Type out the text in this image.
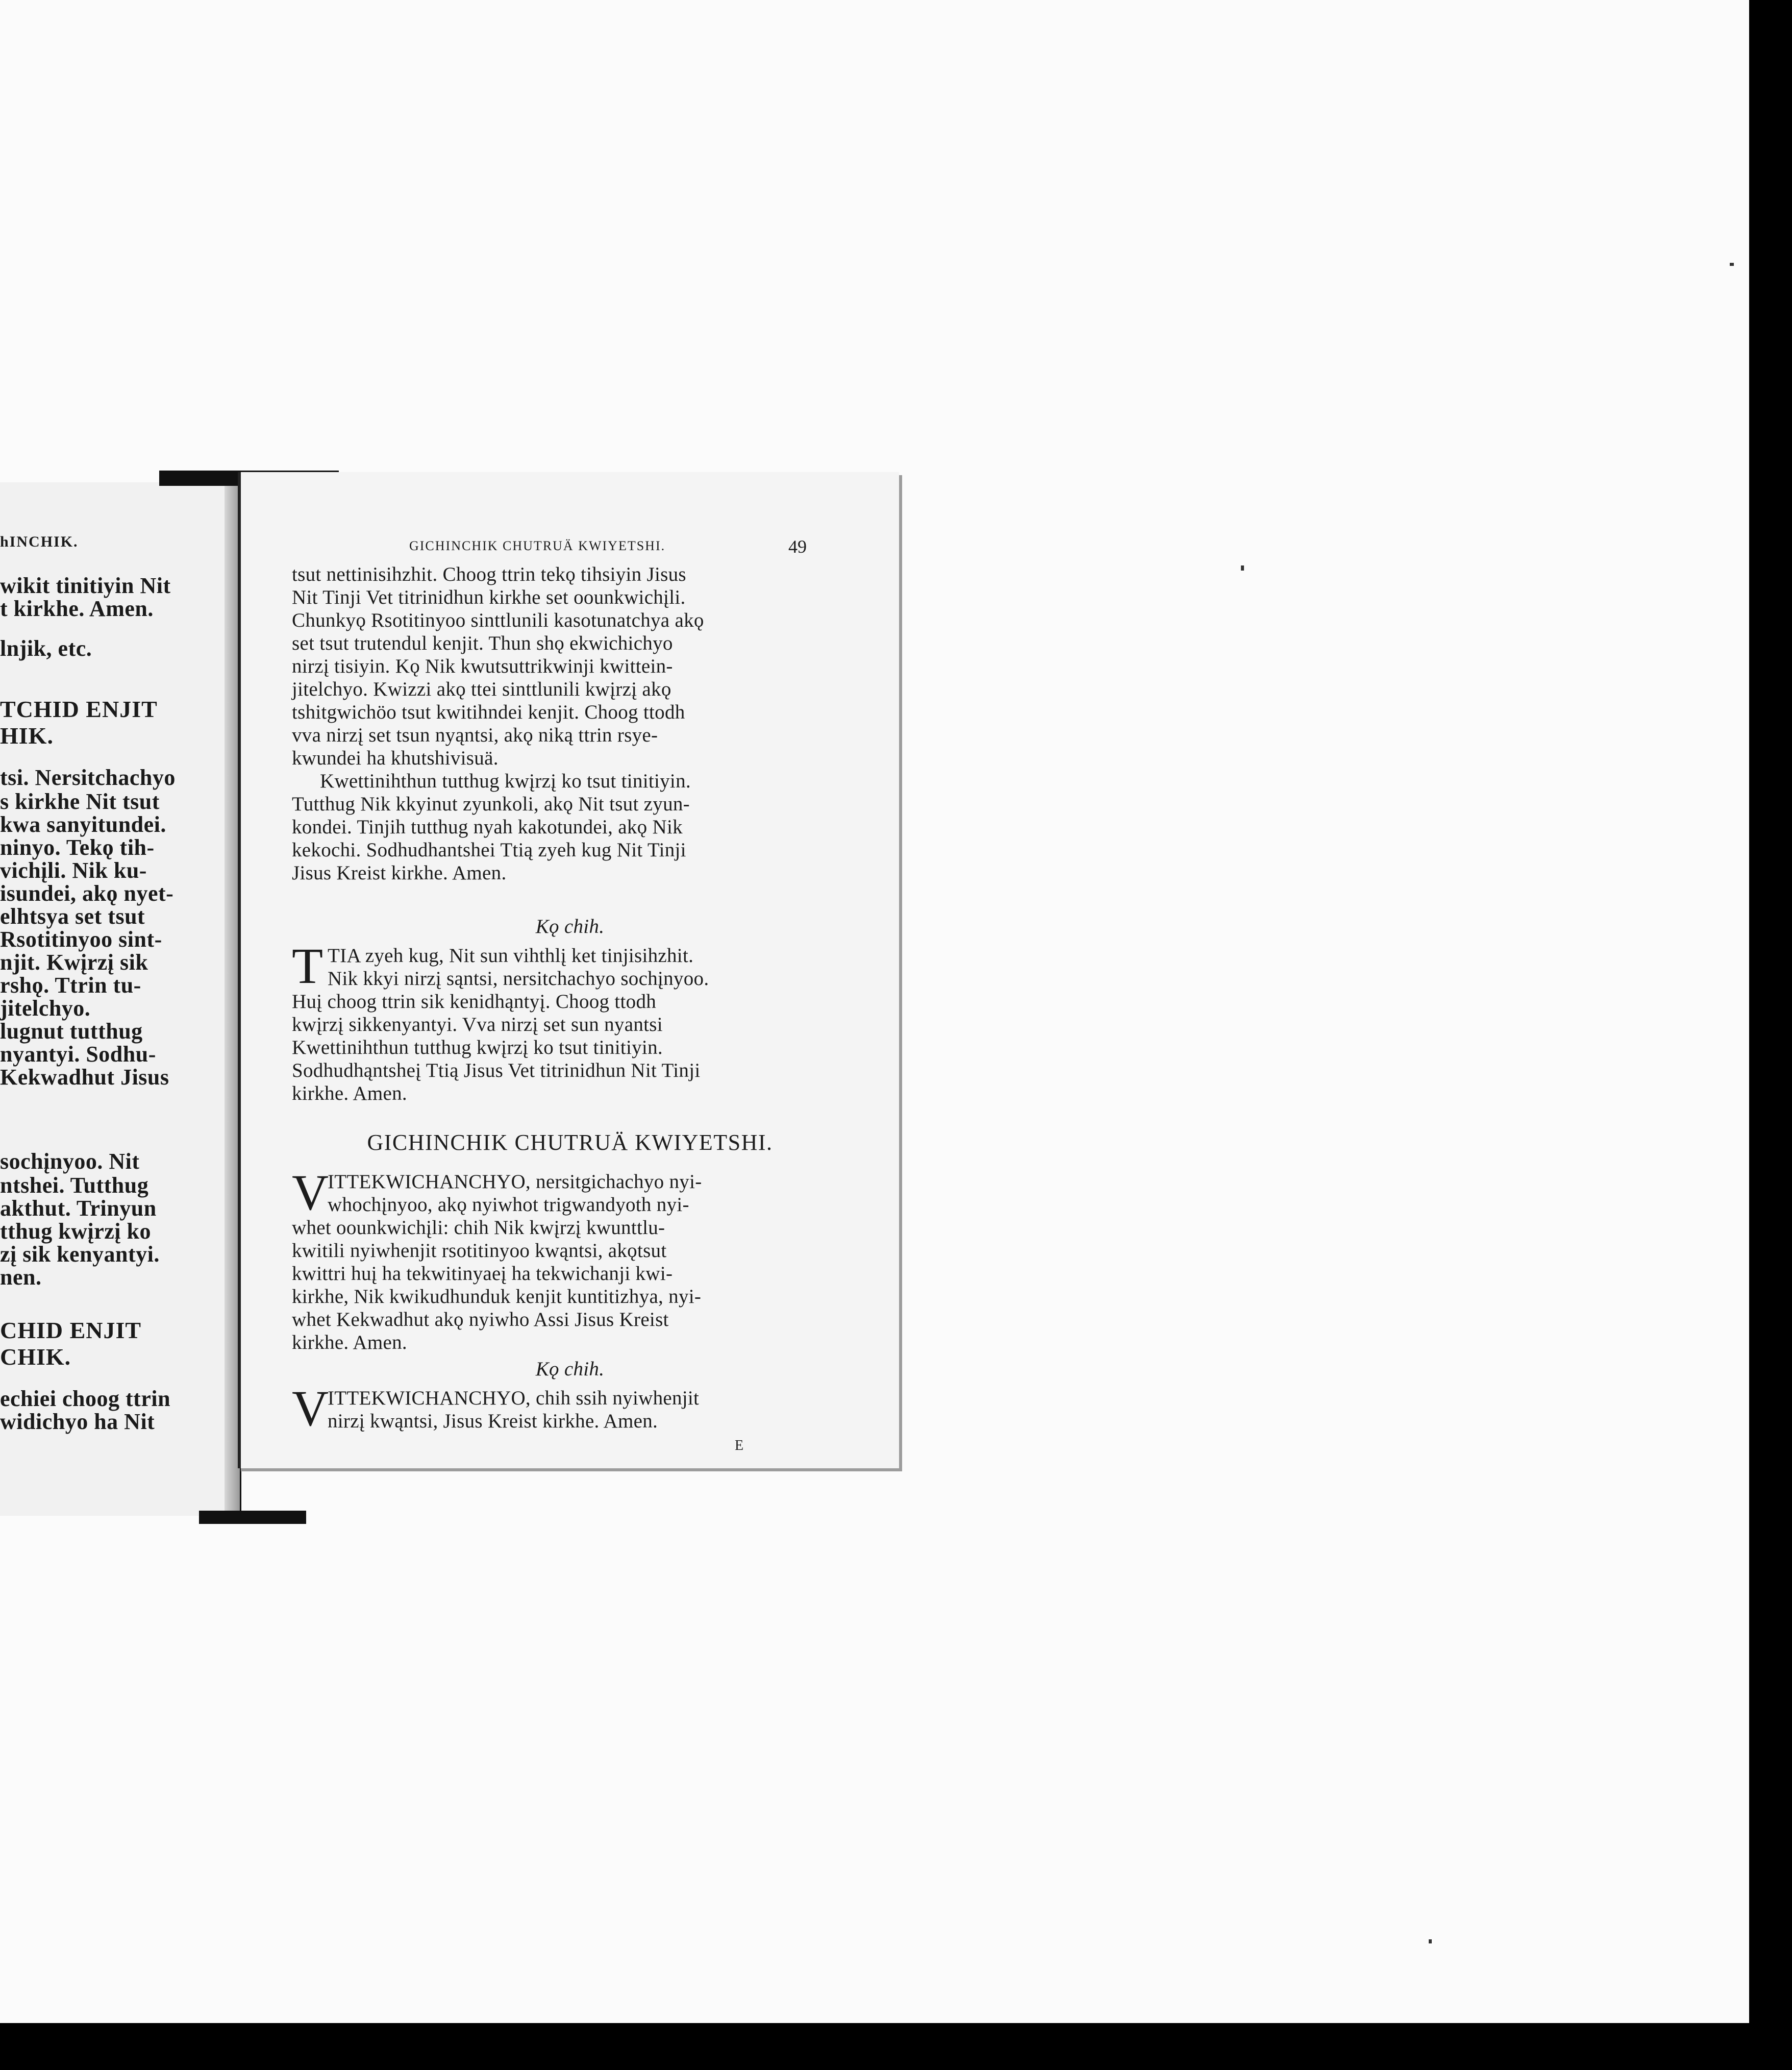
hINCHIK.
wikit tinitiyin Nit
t kirkhe. Amen.
lnjik, etc.
TCHID ENJIT
HIK.
tsi. Nersitchachyo
s kirkhe Nit tsut
kwa sanyitundei.
ninyo. Tekǫ tih-
vichįli. Nik ku-
isundei, akǫ nyet-
elhtsya set tsut
Rsotitinyoo sint-
njit. Kwįrzį sik
rshǫ. Ttrin tu-
jitelchyo.
lugnut tutthug
nyantyi. Sodhu-
Kekwadhut Jisus
sochįnyoo. Nit
ntshei. Tutthug
akthut. Trinyun
tthug kwįrzį ko
zį sik kenyantyi.
nen.
CHID ENJIT
CHIK.
echiei choog ttrin
widichyo ha Nit
GICHINCHIK CHUTRUÄ KWIYETSHI.	49
tsut nettinisihzhit. Choog ttrin tekǫ tihsiyin Jisus
Nit Tinji Vet titrinidhun kirkhe set oounkwichįli.
Chunkyǫ Rsotitinyoo sinttlunili kasotunatchya akǫ
set tsut trutendul kenjit. Thun shǫ ekwichichyo
nirzį tisiyin. Kǫ Nik kwutsuttrikwinji kwittein-
jitelchyo. Kwizzi akǫ ttei sinttlunili kwįrzį akǫ
tshitgwichöo tsut kwitihndei kenjit. Choog ttodh
vva nirzį set tsun nyąntsi, akǫ niką ttrin rsye-
kwundei ha khutshivisuä.
Kwettinihthun tutthug kwįrzį ko tsut tinitiyin.
Tutthug Nik kkyinut zyunkoli, akǫ Nit tsut zyun-
kondei. Tinjih tutthug nyah kakotundei, akǫ Nik
kekochi. Sodhudhantshei Ttią zyeh kug Nit Tinji
Jisus Kreist kirkhe. Amen.
Kǫ chih.
T TIA zyeh kug, Nit sun vihthlį ket tinjisihzhit.
Nik kkyi nirzį sąntsi, nersitchachyo sochįnyoo.
Huį choog ttrin sik kenidhąntyį. Choog ttodh
kwįrzį sikkenyantyi. Vva nirzį set sun nyantsi
Kwettinihthun tutthug kwįrzį ko tsut tinitiyin.
Sodhudhąntsheį Ttią Jisus Vet titrinidhun Nit Tinji
kirkhe. Amen.
GICHINCHIK CHUTRUÄ KWIYETSHI.
V
ITTEKWICHANCHYO, nersitgichachyo nyi-
whochįnyoo, akǫ nyiwhot trigwandyoth nyi-
whet oounkwichįli: chih Nik kwįrzį kwunttlu-
kwitili nyiwhenjit rsotitinyoo kwąntsi, akǫtsut
kwittri huį ha tekwitinyaeį ha tekwichanji kwi-
kirkhe, Nik kwikudhunduk kenjit kuntitizhya, nyi-
whet Kekwadhut akǫ nyiwho Assi Jisus Kreist
kirkhe. Amen.
Kǫ chih.
V
ITTEKWICHANCHYO, chih ssih nyiwhenjit
nirzį kwąntsi, Jisus Kreist kirkhe. Amen.
E
